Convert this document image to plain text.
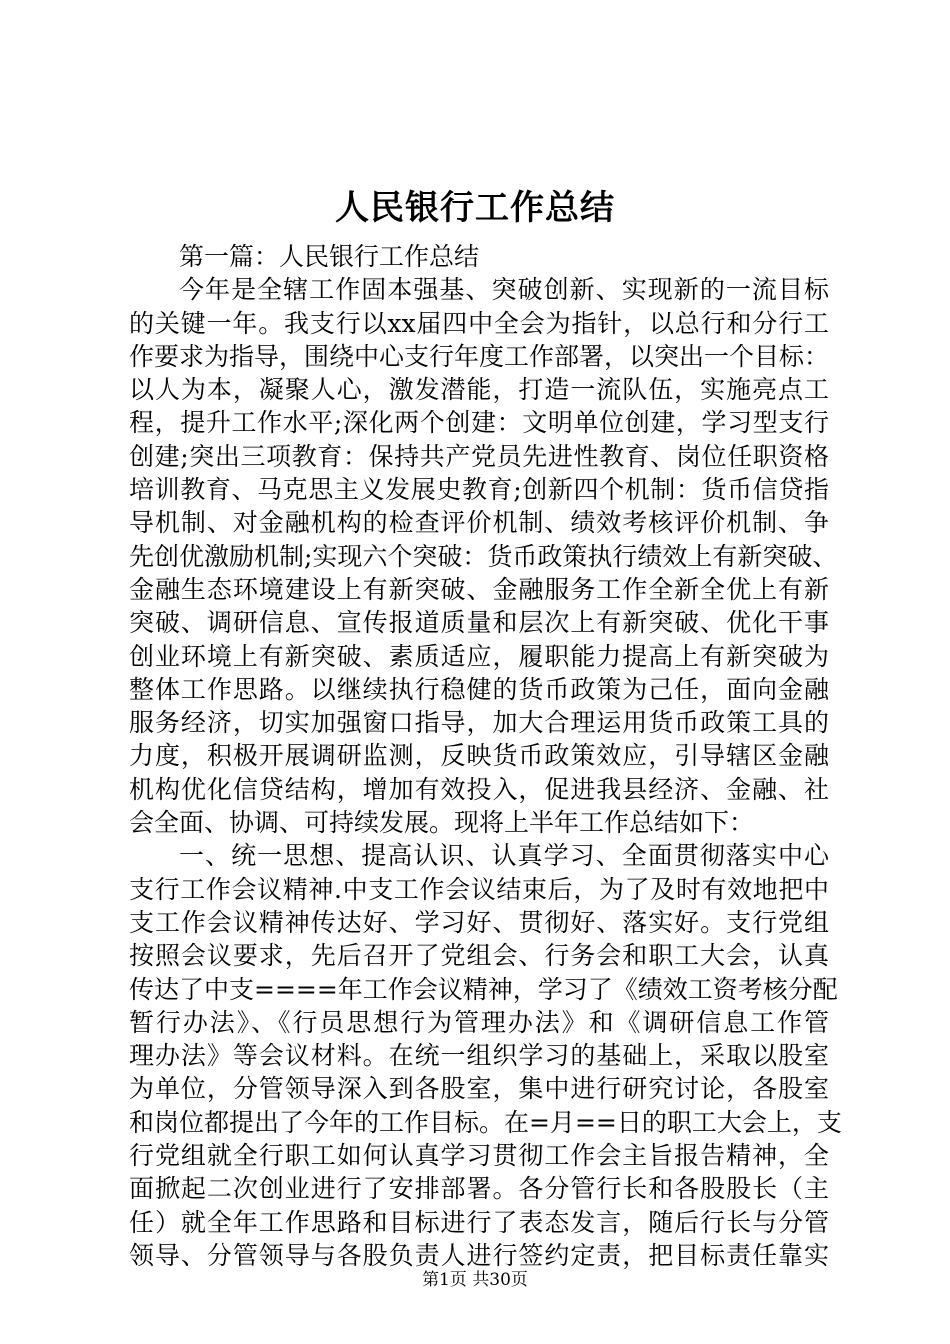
人民银行工作总结
第一篇：人民银行工作总结
今年是全辖工作固本强基、突破创新、实现新的一流目标
的关键一年。我支行以xx届四中全会为指针，以总行和分行工
作要求为指导，围绕中心支行年度工作部署，以突出一个目标：
以人为本，凝聚人心，激发潜能，打造一流队伍，实施亮点工
程，提升工作水平;深化两个创建：文明单位创建，学习型支行
创建;突出三项教育：保持共产党员先进性教育、岗位任职资格
培训教育、马克思主义发展史教育;创新四个机制：货币信贷指
导机制、对金融机构的检查评价机制、绩效考核评价机制、争
先创优激励机制;实现六个突破：货币政策执行绩效上有新突破、
金融生态环境建设上有新突破、金融服务工作全新全优上有新
突破、调研信息、宣传报道质量和层次上有新突破、优化干事
创业环境上有新突破、素质适应，履职能力提高上有新突破为
整体工作思路。以继续执行稳健的货币政策为己任，面向金融
服务经济，切实加强窗口指导，加大合理运用货币政策工具的
力度，积极开展调研监测，反映货币政策效应，引导辖区金融
机构优化信贷结构，增加有效投入，促进我县经济、金融、社
会全面、协调、可持续发展。现将上半年工作总结如下：
一、统一思想、提高认识、认真学习、全面贯彻落实中心
支行工作会议精神.中支工作会议结束后，为了及时有效地把中
支工作会议精神传达好、学习好、贯彻好、落实好。支行党组
按照会议要求，先后召开了党组会、行务会和职工大会，认真
传达了中支====年工作会议精神，学习了《绩效工资考核分配
暂行办法》、《行员思想行为管理办法》和《调研信息工作管
理办法》等会议材料。在统一组织学习的基础上，采取以股室
为单位，分管领导深入到各股室，集中进行研究讨论，各股室
和岗位都提出了今年的工作目标。在=月==日的职工大会上，支
行党组就全行职工如何认真学习贯彻工作会主旨报告精神，全
面掀起二次创业进行了安排部署。各分管行长和各股股长（主
任）就全年工作思路和目标进行了表态发言，随后行长与分管
领导、分管领导与各股负责人进行签约定责，把目标责任靠实
第1页 共30页
